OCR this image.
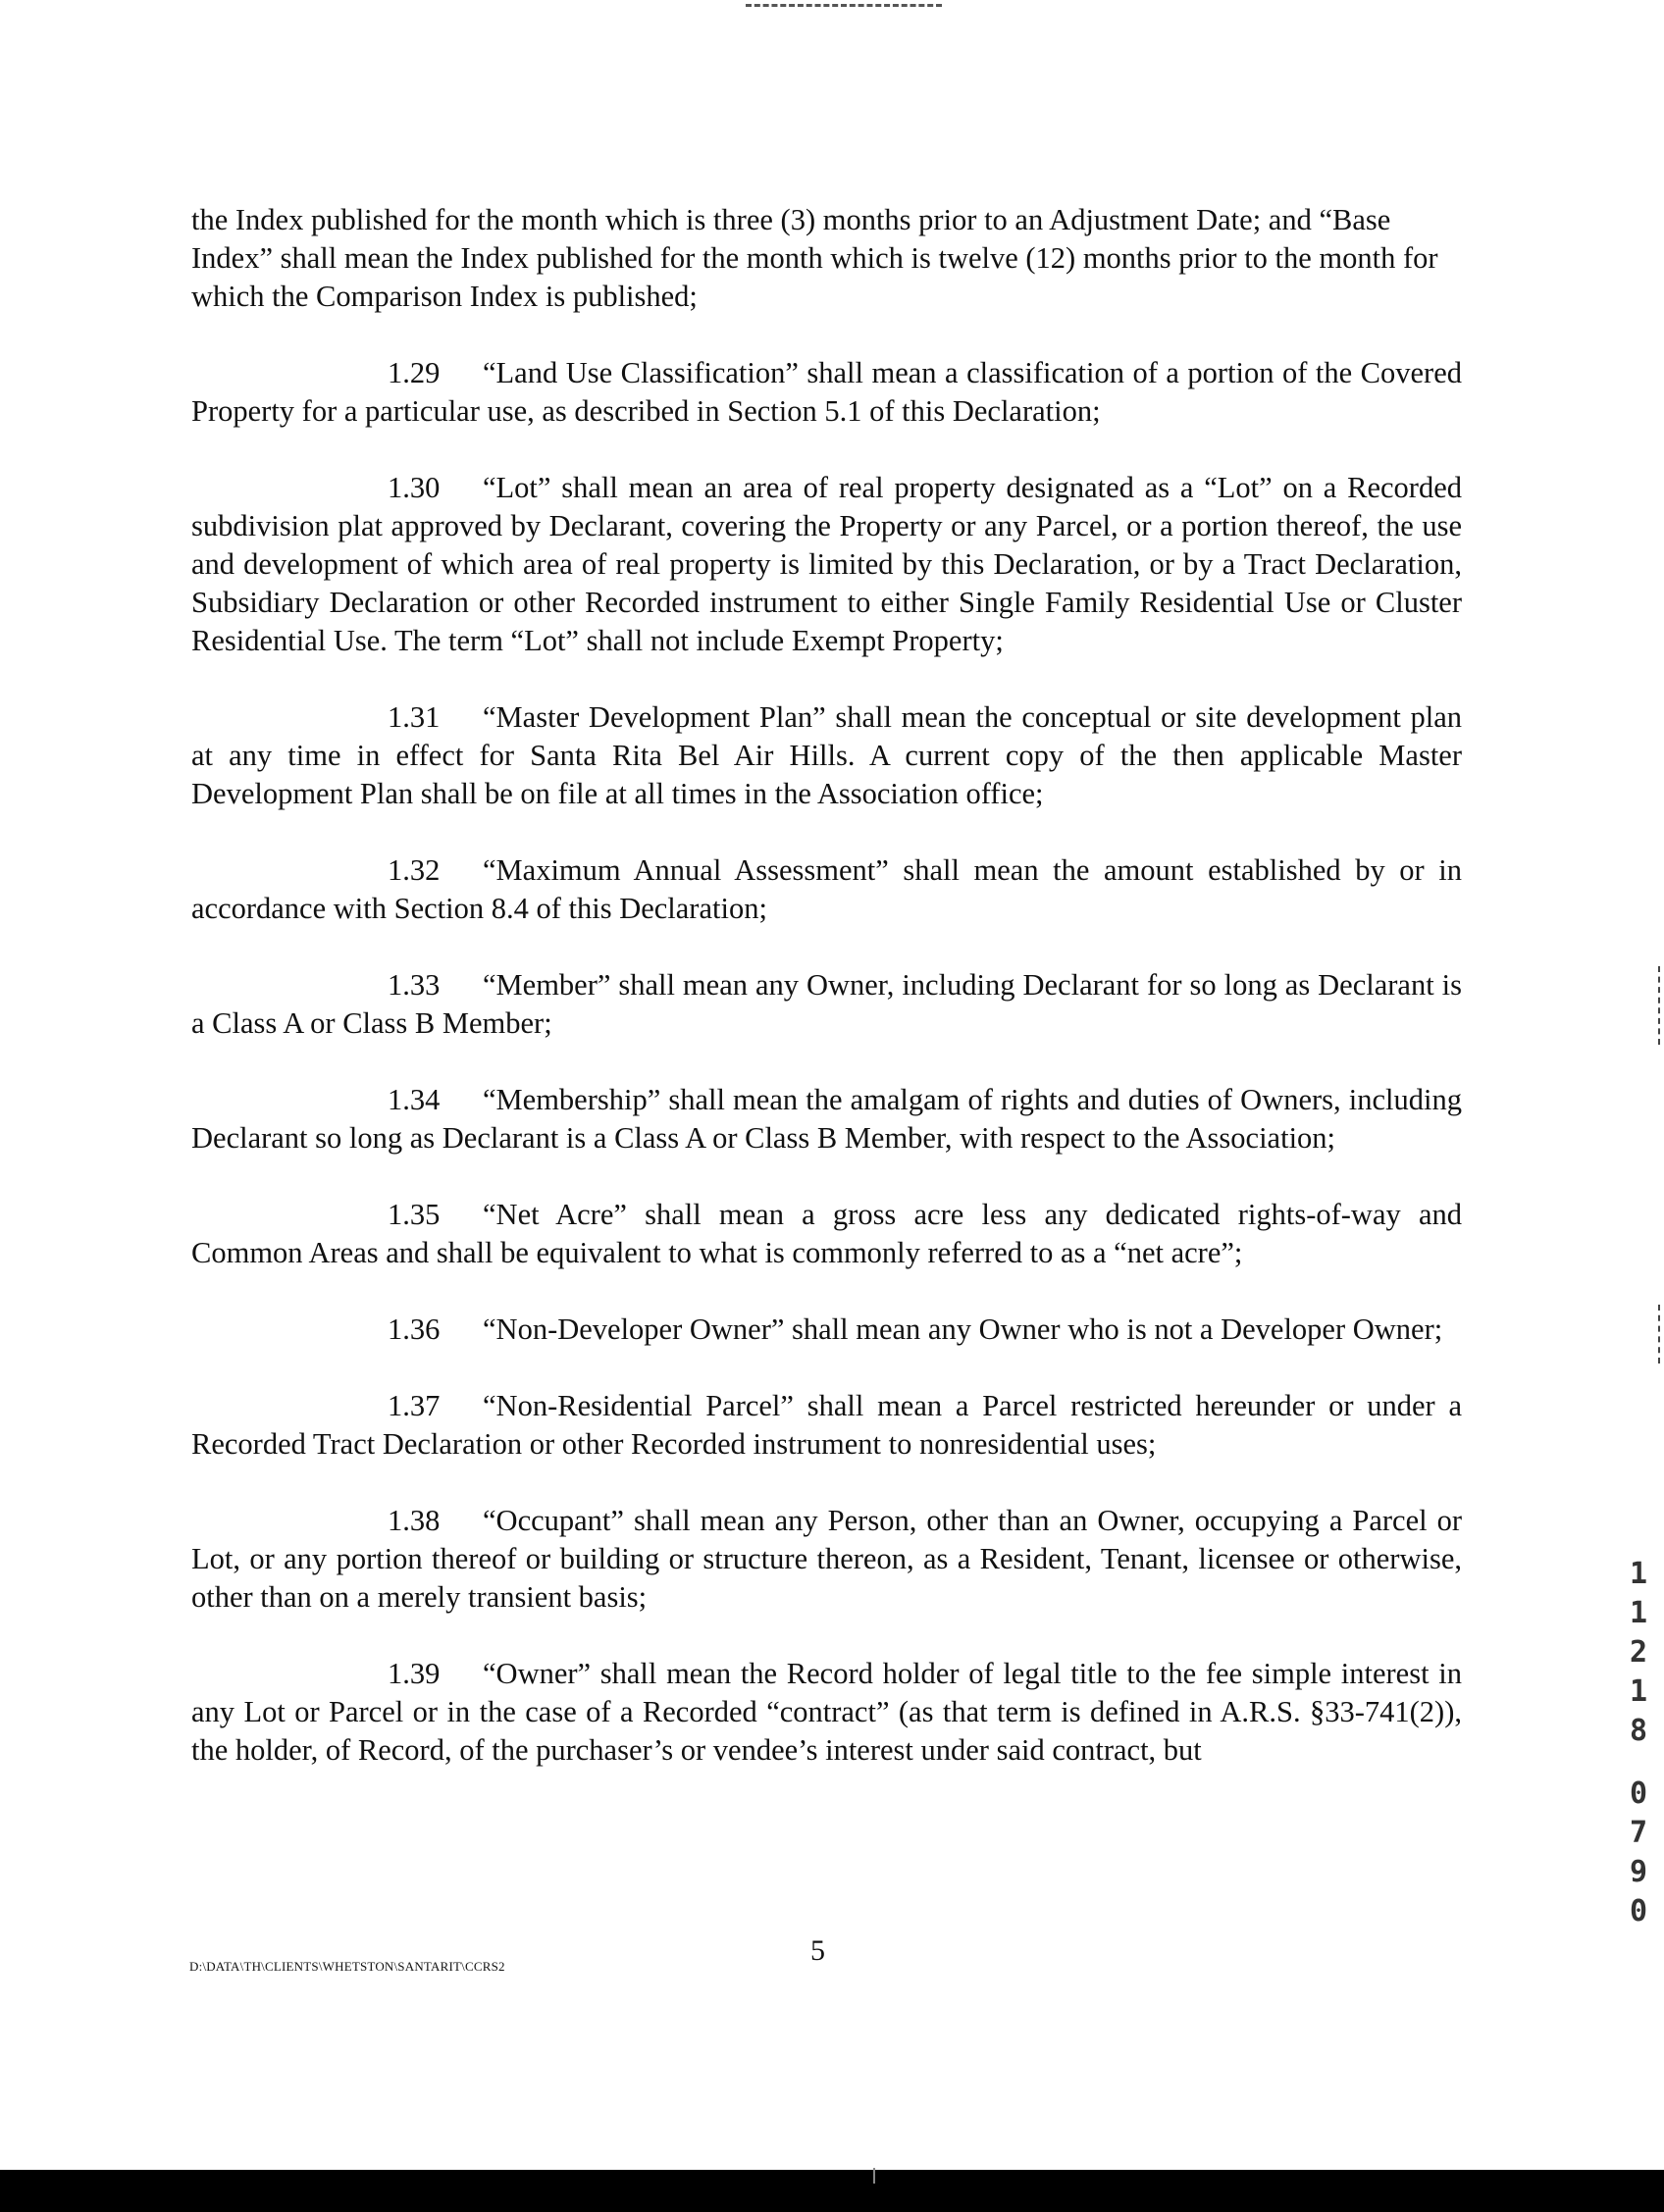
the Index published for the month which is three (3) months prior to an Adjustment Date; and “Base Index” shall mean the Index published for the month which is twelve (12) months prior to the month for which the Comparison Index is published;

1.29 “Land Use Classification” shall mean a classification of a portion of the Covered Property for a particular use, as described in Section 5.1 of this Declaration;

1.30 “Lot” shall mean an area of real property designated as a “Lot” on a Recorded subdivision plat approved by Declarant, covering the Property or any Parcel, or a portion thereof, the use and development of which area of real property is limited by this Declaration, or by a Tract Declaration, Subsidiary Declaration or other Recorded instrument to either Single Family Residential Use or Cluster Residential Use. The term “Lot” shall not include Exempt Property;

1.31 “Master Development Plan” shall mean the conceptual or site development plan at any time in effect for Santa Rita Bel Air Hills. A current copy of the then applicable Master Development Plan shall be on file at all times in the Association office;

1.32 “Maximum Annual Assessment” shall mean the amount established by or in accordance with Section 8.4 of this Declaration;

1.33 “Member” shall mean any Owner, including Declarant for so long as Declarant is a Class A or Class B Member;

1.34 “Membership” shall mean the amalgam of rights and duties of Owners, including Declarant so long as Declarant is a Class A or Class B Member, with respect to the Association;

1.35 “Net Acre” shall mean a gross acre less any dedicated rights-of-way and Common Areas and shall be equivalent to what is commonly referred to as a “net acre”;

1.36 “Non-Developer Owner” shall mean any Owner who is not a Developer Owner;

1.37 “Non-Residential Parcel” shall mean a Parcel restricted hereunder or under a Recorded Tract Declaration or other Recorded instrument to nonresidential uses;

1.38 “Occupant” shall mean any Person, other than an Owner, occupying a Parcel or Lot, or any portion thereof or building or structure thereon, as a Resident, Tenant, licensee or otherwise, other than on a merely transient basis;

1.39 “Owner” shall mean the Record holder of legal title to the fee simple interest in any Lot or Parcel or in the case of a Recorded “contract” (as that term is defined in A.R.S. §33-741(2)), the holder, of Record, of the purchaser’s or vendee’s interest under said contract, but

D:\DATA\TH\CLIENTS\WHETSTON\SANTARIT\CCRS2	5
1
1
2
1
8
0
7
9
0
